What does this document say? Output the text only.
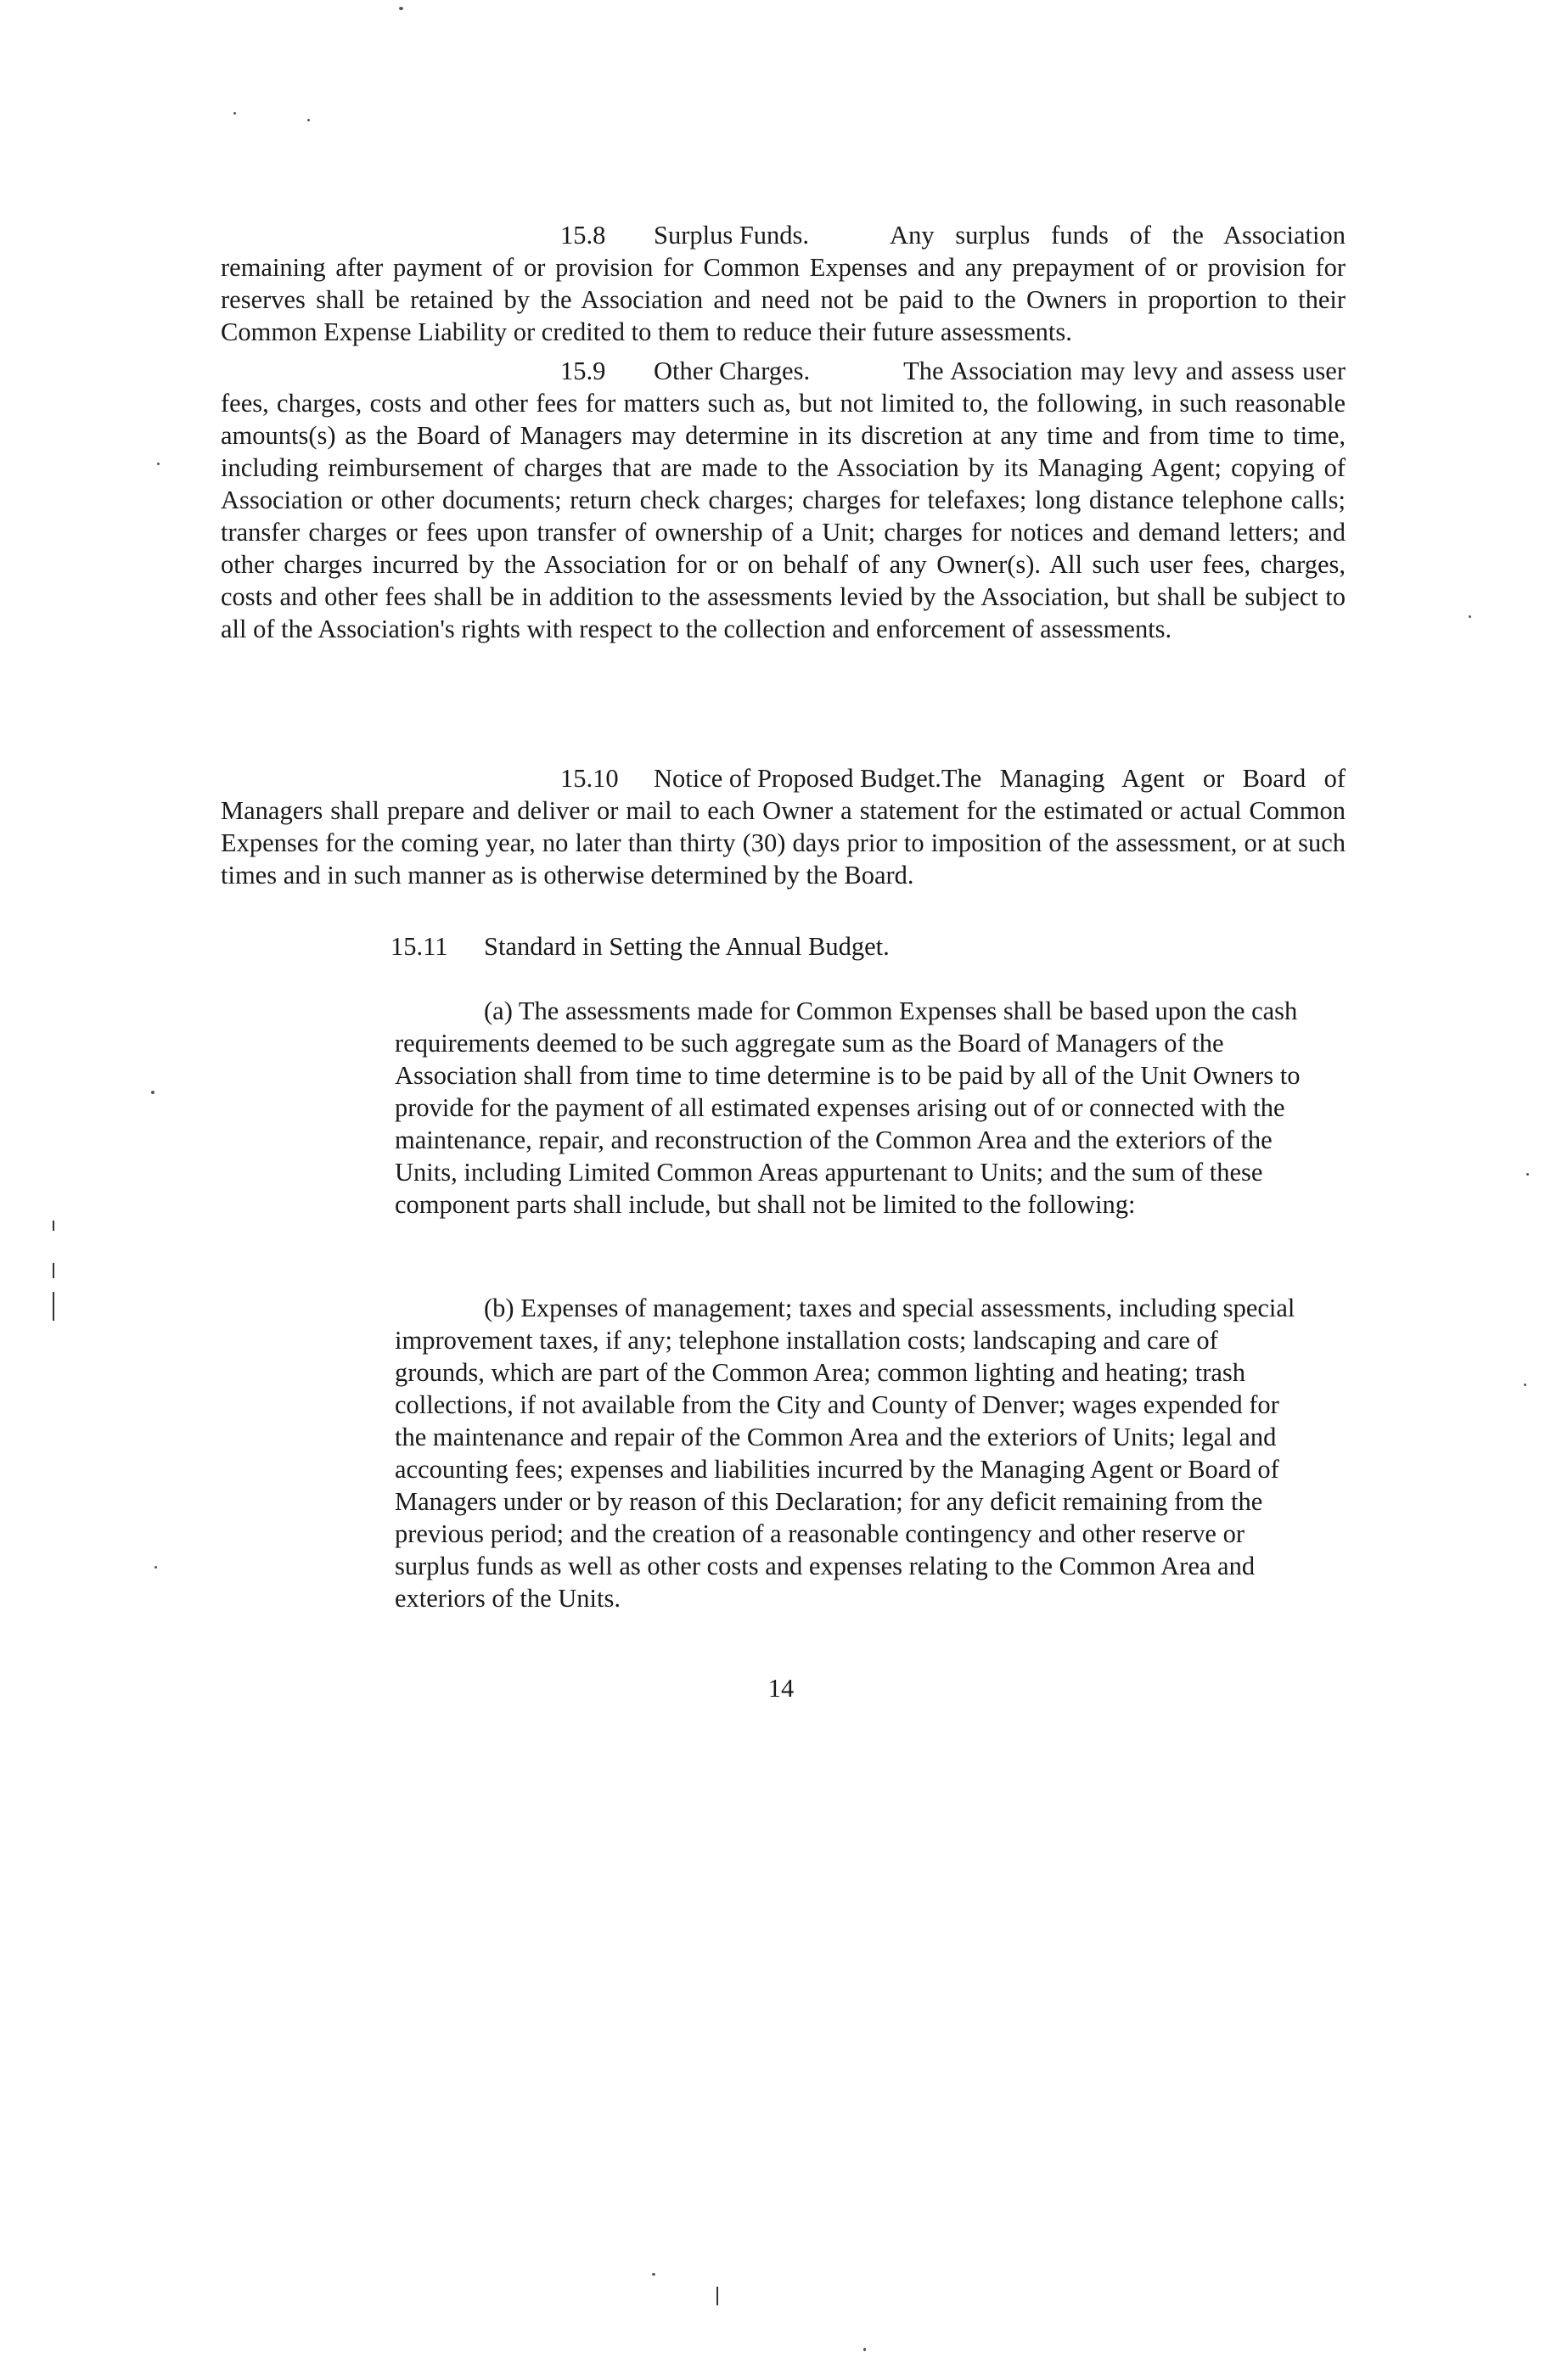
15.8 Surplus Funds.	Any surplus funds of the Association remaining after payment of or provision for Common Expenses and any prepayment of or provision for reserves shall be retained by the Association and need not be paid to the Owners in proportion to their Common Expense Liability or credited to them to reduce their future assessments.

15.9 Other Charges.	The Association may levy and assess user fees, charges, costs and other fees for matters such as, but not limited to, the following, in such reasonable amounts(s) as the Board of Managers may determine in its discretion at any time and from time to time, including reimbursement of charges that are made to the Association by its Managing Agent; copying of Association or other documents; return check charges; charges for telefaxes; long distance telephone calls; transfer charges or fees upon transfer of ownership of a Unit; charges for notices and demand letters; and other charges incurred by the Association for or on behalf of any Owner(s). All such user fees, charges, costs and other fees shall be in addition to the assessments levied by the Association, but shall be subject to all of the Association's rights with respect to the collection and enforcement of assessments.

15.10 Notice of Proposed Budget. The Managing Agent or Board of Managers shall prepare and deliver or mail to each Owner a statement for the estimated or actual Common Expenses for the coming year, no later than thirty (30) days prior to imposition of the assessment, or at such times and in such manner as is otherwise determined by the Board.

15.11 Standard in Setting the Annual Budget.

(a) The assessments made for Common Expenses shall be based upon the cash requirements deemed to be such aggregate sum as the Board of Managers of the Association shall from time to time determine is to be paid by all of the Unit Owners to provide for the payment of all estimated expenses arising out of or connected with the maintenance, repair, and reconstruction of the Common Area and the exteriors of the Units, including Limited Common Areas appurtenant to Units; and the sum of these component parts shall include, but shall not be limited to the following:

(b) Expenses of management; taxes and special assessments, including special improvement taxes, if any; telephone installation costs; landscaping and care of grounds, which are part of the Common Area; common lighting and heating; trash collections, if not available from the City and County of Denver; wages expended for the maintenance and repair of the Common Area and the exteriors of Units; legal and accounting fees; expenses and liabilities incurred by the Managing Agent or Board of Managers under or by reason of this Declaration; for any deficit remaining from the previous period; and the creation of a reasonable contingency and other reserve or surplus funds as well as other costs and expenses relating to the Common Area and exteriors of the Units.

14
